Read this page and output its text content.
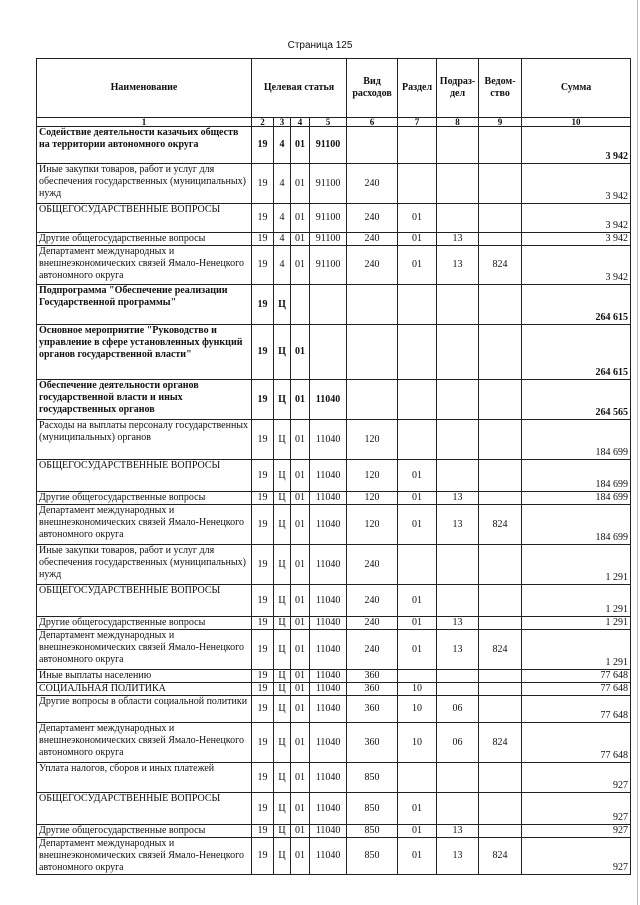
Страница 125
Наименование	Целевая статья				Вид расходов	Раздел	Подраз- дел	Ведом- ство	Сумма
1	2	3	4	5	6	7	8	9	10
Содействие деятельности казачьих обществ на территории автономного округа	19	4	01	91100					3 942
Иные закупки товаров, работ и услуг для обеспечения государственных (муниципальных) нужд	19	4	01	91100	240				3 942
ОБЩЕГОСУДАРСТВЕННЫЕ ВОПРОСЫ	19	4	01	91100	240	01			3 942
Другие общегосударственные вопросы	19	4	01	91100	240	01	13		3 942
Департамент международных и внешнеэкономических связей Ямало-Ненецкого автономного округа	19	4	01	91100	240	01	13	824	3 942
Подпрограмма "Обеспечение реализации Государственной программы"	19	Ц							264 615
Основное мероприятие "Руководство и управление в сфере установленных функций органов государственной власти"	19	Ц	01						264 615
Обеспечение деятельности органов государственной власти и иных государственных органов	19	Ц	01	11040					264 565
Расходы на выплаты персоналу государственных (муниципальных) органов	19	Ц	01	11040	120				184 699
ОБЩЕГОСУДАРСТВЕННЫЕ ВОПРОСЫ	19	Ц	01	11040	120	01			184 699
Другие общегосударственные вопросы	19	Ц	01	11040	120	01	13		184 699
Департамент международных и внешнеэкономических связей Ямало-Ненецкого автономного округа	19	Ц	01	11040	120	01	13	824	184 699
Иные закупки товаров, работ и услуг для обеспечения государственных (муниципальных) нужд	19	Ц	01	11040	240				1 291
ОБЩЕГОСУДАРСТВЕННЫЕ ВОПРОСЫ	19	Ц	01	11040	240	01			1 291
Другие общегосударственные вопросы	19	Ц	01	11040	240	01	13		1 291
Департамент международных и внешнеэкономических связей Ямало-Ненецкого автономного округа	19	Ц	01	11040	240	01	13	824	1 291
Иные выплаты населению	19	Ц	01	11040	360				77 648
СОЦИАЛЬНАЯ ПОЛИТИКА	19	Ц	01	11040	360	10			77 648
Другие вопросы в области социальной политики	19	Ц	01	11040	360	10	06		77 648
Департамент международных и внешнеэкономических связей Ямало-Ненецкого автономного округа	19	Ц	01	11040	360	10	06	824	77 648
Уплата налогов, сборов и иных платежей	19	Ц	01	11040	850				927
ОБЩЕГОСУДАРСТВЕННЫЕ ВОПРОСЫ	19	Ц	01	11040	850	01			927
Другие общегосударственные вопросы	19	Ц	01	11040	850	01	13		927
Департамент международных и внешнеэкономических связей Ямало-Ненецкого автономного округа	19	Ц	01	11040	850	01	13	824	927
